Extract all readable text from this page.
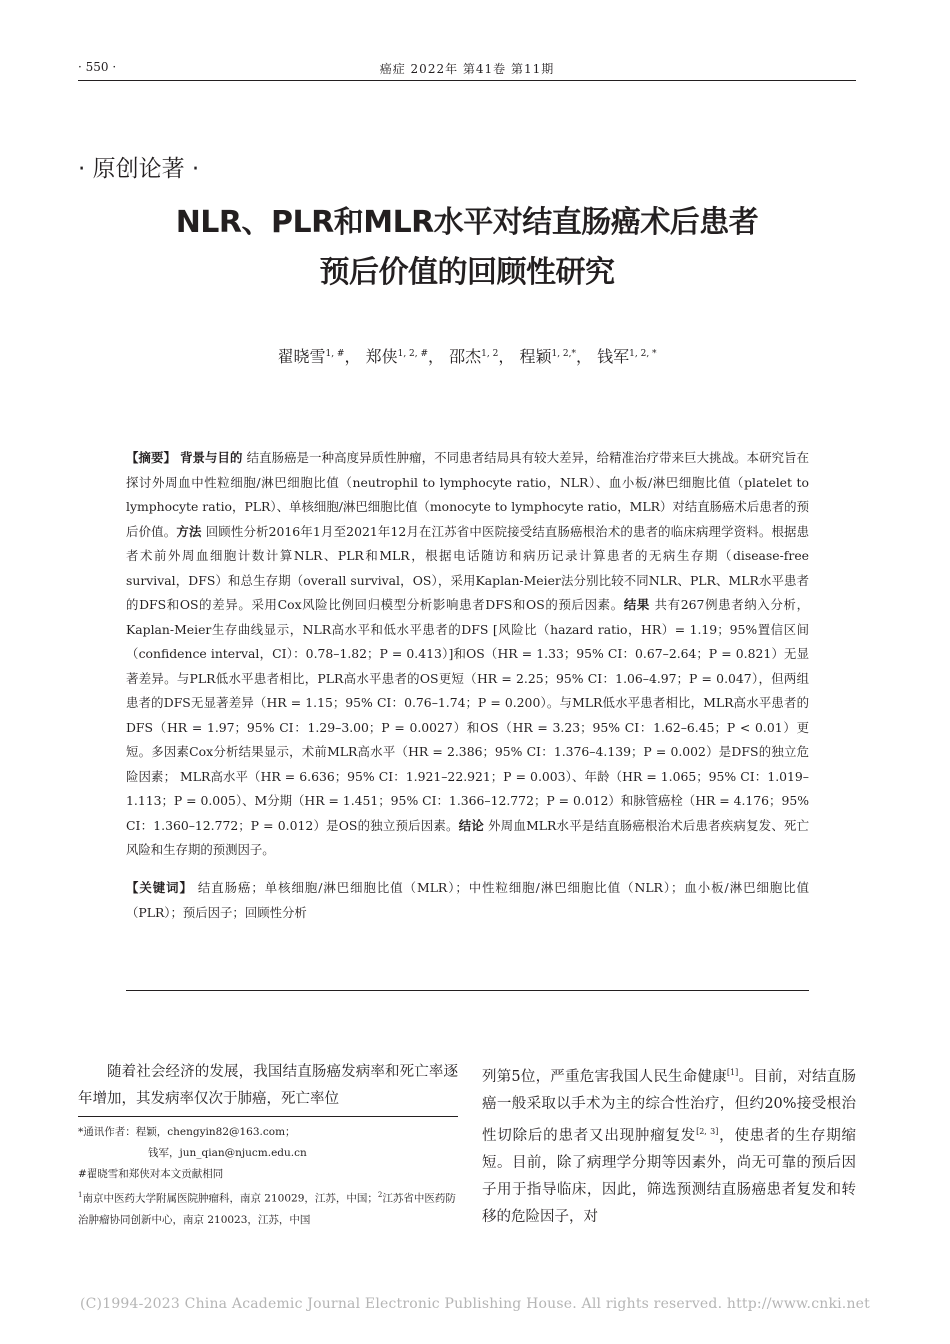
· 550 ·	癌症 2022年 第41卷 第11期
· 原创论著 ·
NLR、PLR和MLR水平对结直肠癌术后患者
预后价值的回顾性研究
翟晓雪$^{1, \#}$， 郑侠$^{1, 2, \#}$， 邵杰$^{1, 2}$， 程颖$^{1, 2,*}$， 钱军$^{1, 2, *}$

【摘要】 背景与目的 结直肠癌是一种高度异质性肿瘤，不同患者结局具有较大差异，给精准治疗带来巨大挑战。本研究旨在探讨外周血中性粒细胞/淋巴细胞比值（neutrophil to lymphocyte ratio，NLR）、血小板/淋巴细胞比值（platelet to lymphocyte ratio，PLR）、单核细胞/淋巴细胞比值（monocyte to lymphocyte ratio，MLR）对结直肠癌术后患者的预后价值。方法 回顾性分析2016年1月至2021年12月在江苏省中医院接受结直肠癌根治术的患者的临床病理学资料。根据患者术前外周血细胞计数计算NLR、PLR和MLR，根据电话随访和病历记录计算患者的无病生存期（disease-free survival，DFS）和总生存期（overall survival，OS），采用Kaplan-Meier法分别比较不同NLR、PLR、MLR水平患者的DFS和OS的差异。采用Cox风险比例回归模型分析影响患者DFS和OS的预后因素。结果 共有267例患者纳入分析，Kaplan-Meier生存曲线显示，NLR高水平和低水平患者的DFS [风险比（hazard ratio，HR）= 1.19；95%置信区间（confidence interval，CI）：0.78–1.82；P = 0.413）]和OS（HR = 1.33；95% CI：0.67–2.64；P = 0.821）无显著差异。与PLR低水平患者相比，PLR高水平患者的OS更短（HR = 2.25；95% CI：1.06–4.97；P = 0.047），但两组患者的DFS无显著差异（HR = 1.15；95% CI：0.76–1.74；P = 0.200）。与MLR低水平患者相比，MLR高水平患者的DFS（HR = 1.97；95% CI：1.29–3.00；P = 0.0027）和OS（HR = 3.23；95% CI：1.62–6.45；P < 0.01）更短。多因素Cox分析结果显示，术前MLR高水平（HR = 2.386；95% CI：1.376–4.139；P = 0.002）是DFS的独立危险因素； MLR高水平（HR = 6.636；95% CI：1.921–22.921；P = 0.003）、年龄（HR = 1.065；95% CI：1.019–1.113；P = 0.005）、M分期（HR = 1.451；95% CI：1.366–12.772；P = 0.012）和脉管癌栓（HR = 4.176；95% CI：1.360–12.772；P = 0.012）是OS的独立预后因素。结论 外周血MLR水平是结直肠癌根治术后患者疾病复发、死亡风险和生存期的预测因子。

【关键词】 结直肠癌；单核细胞/淋巴细胞比值（MLR）；中性粒细胞/淋巴细胞比值（NLR）；血小板/淋巴细胞比值（PLR）；预后因子；回顾性分析

随着社会经济的发展，我国结直肠癌发病率和死亡率逐年增加，其发病率仅次于肺癌，死亡率位

*通讯作者：程颖，chengyin82@163.com；

钱军，jun_qian@njucm.edu.cn

#翟晓雪和郑侠对本文贡献相同

$^1$南京中医药大学附属医院肿瘤科，南京 210029，江苏，中国；$^2$江苏省中医药防治肿瘤协同创新中心，南京 210023，江苏，中国

列第5位，严重危害我国人民生命健康[1]。目前，对结直肠癌一般采取以手术为主的综合性治疗，但约20%接受根治性切除后的患者又出现肿瘤复发[2, 3]，使患者的生存期缩短。目前，除了病理学分期等因素外，尚无可靠的预后因子用于指导临床，因此，筛选预测结直肠癌患者复发和转移的危险因子，对

(C)1994-2023 China Academic Journal Electronic Publishing House. All rights reserved. http://www.cnki.net
